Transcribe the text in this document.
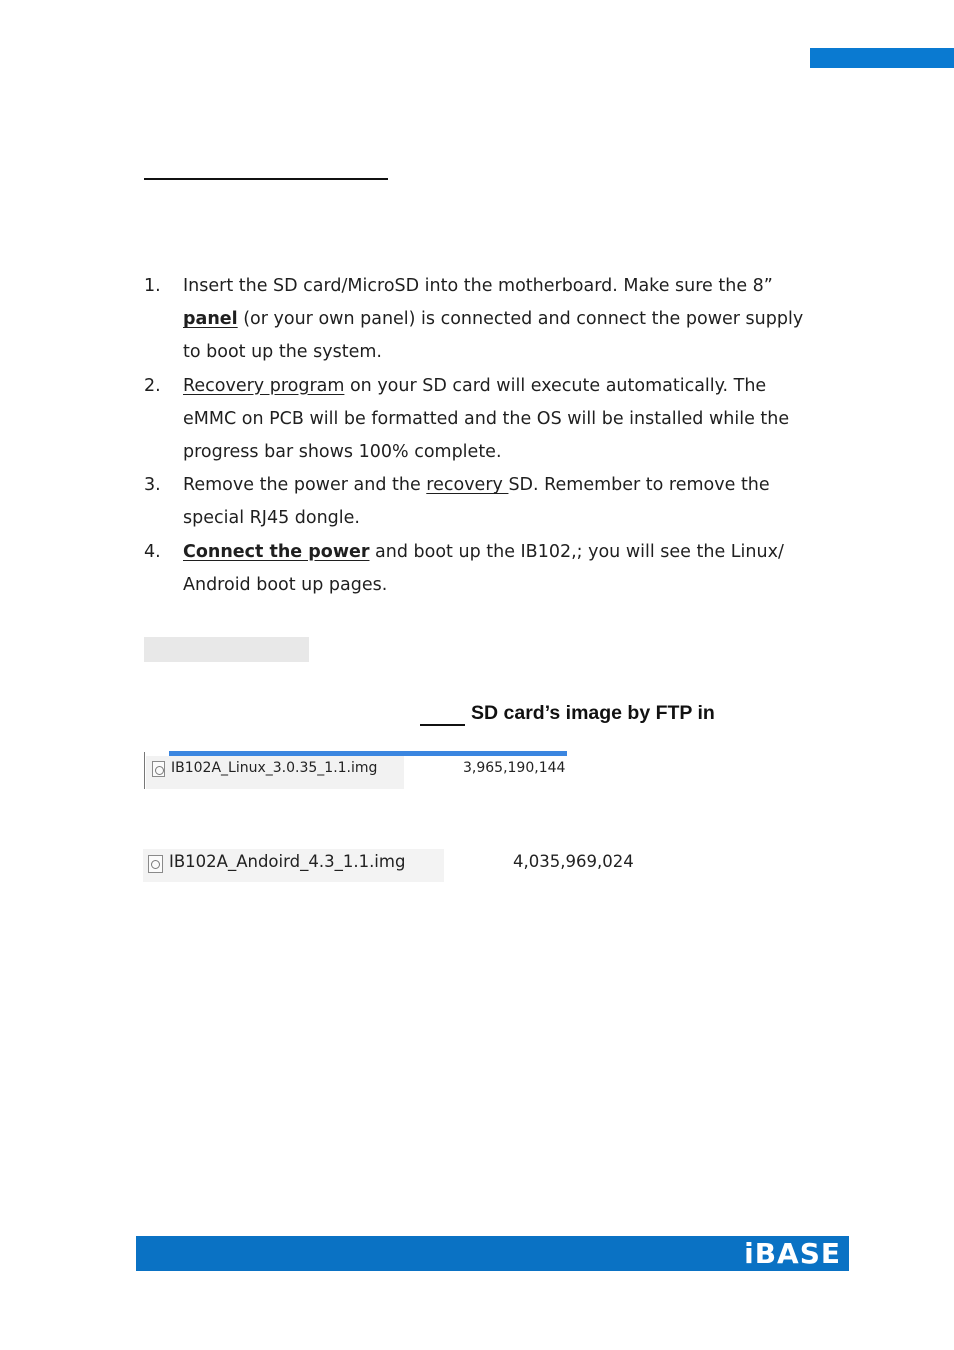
1. Insert the SD card/MicroSD into the motherboard. Make sure the 8”
panel (or your own panel) is connected and connect the power supply to boot up the system.
2. Recovery program on your SD card will execute automatically. The eMMC on PCB will be formatted and the OS will be installed while the progress bar shows 100% complete.
3. Remove the power and the recovery SD. Remember to remove the special RJ45 dongle.
4. Connect the power and boot up the IB102,; you will see the Linux/ Android boot up pages.
SD card’s image by FTP in
IB102A_Linux_3.0.35_1.1.img	3,965,190,144
IB102A_Andoird_4.3_1.1.img	4,035,969,024
iBASE
